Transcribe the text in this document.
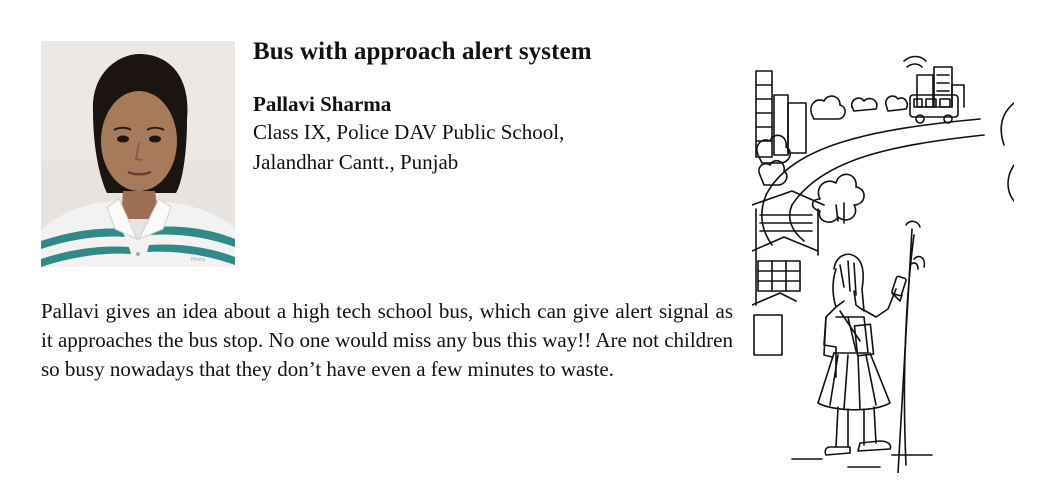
Photo
Bus with approach alert system
Pallavi Sharma
Class IX, Police DAV Public School,
Jalandhar Cantt., Punjab

Pallavi gives an idea about a high tech school bus, which can give alert signal as it approaches the bus stop. No one would miss any bus this way!! Are not children so busy nowadays that they don’t have even a few minutes to waste.
